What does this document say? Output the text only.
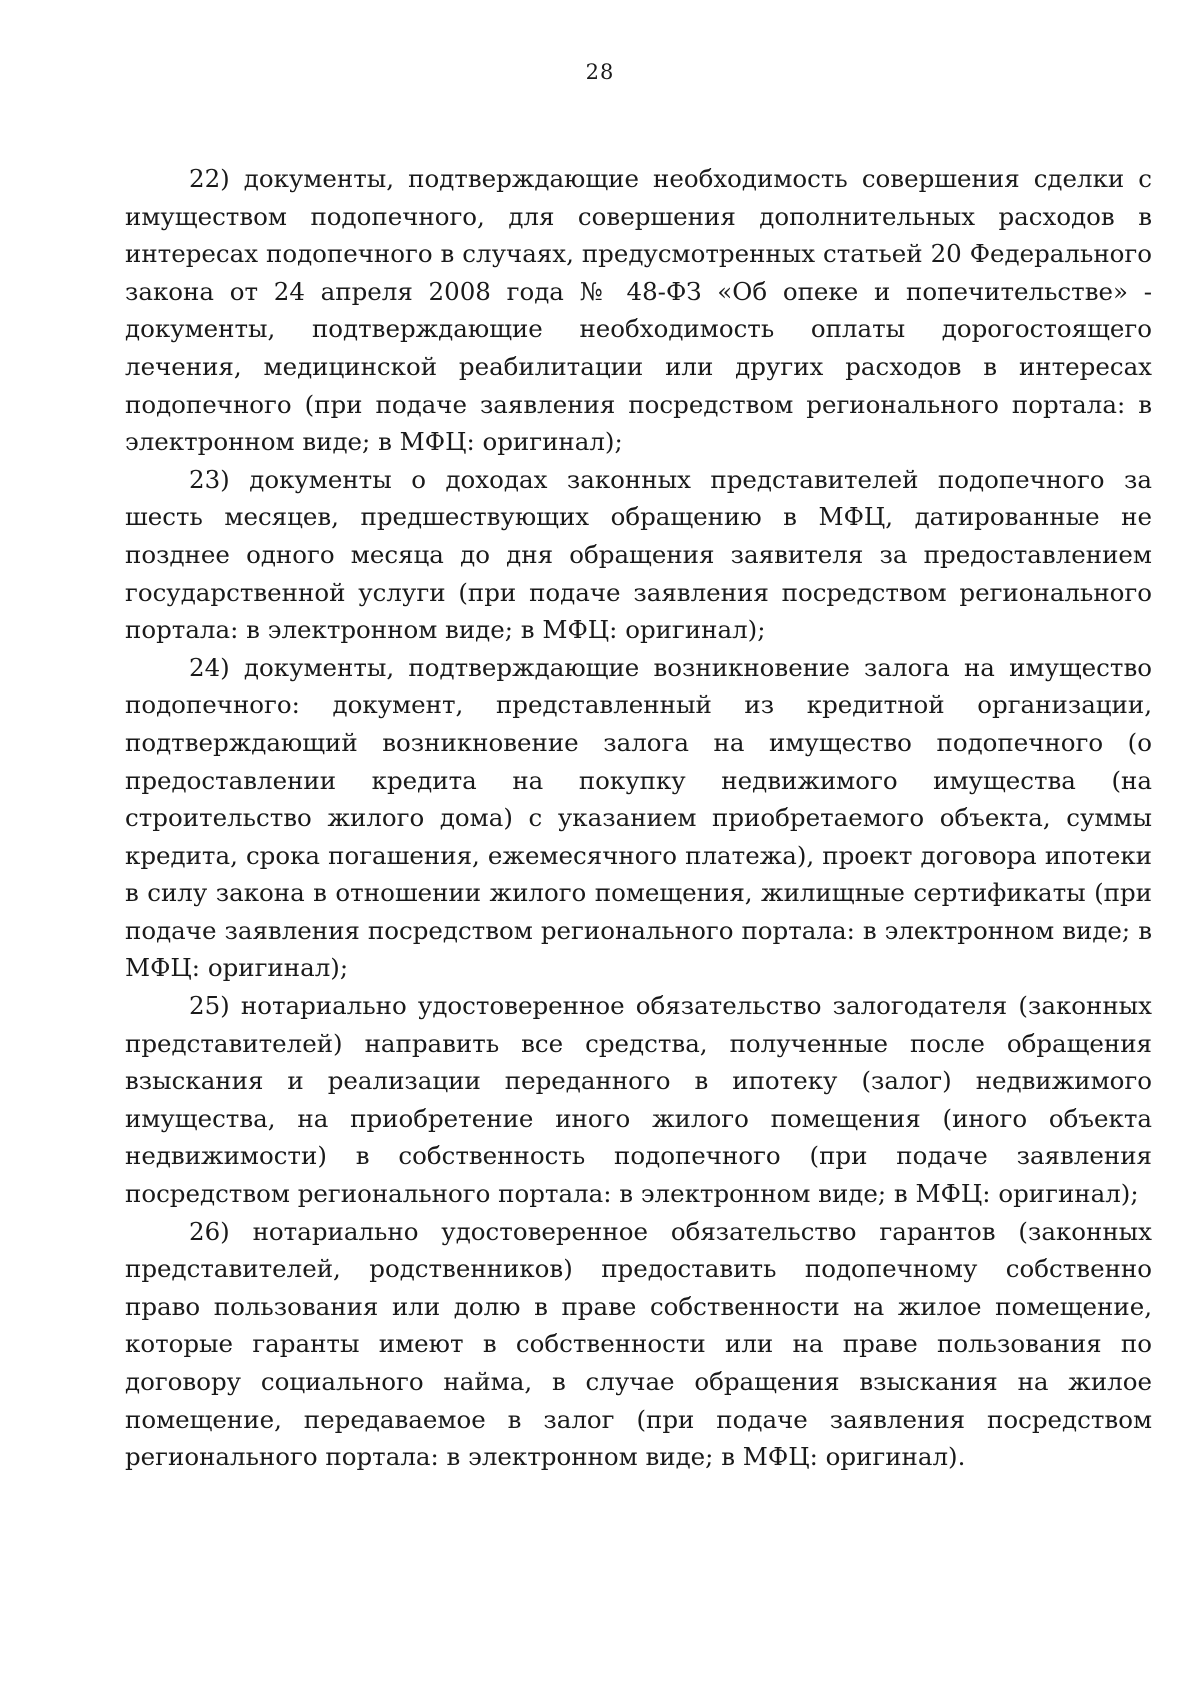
28

22) документы, подтверждающие необходимость совершения сделки с имуществом подопечного, для совершения дополнительных расходов в интересах подопечного в случаях, предусмотренных статьей 20 Федерального закона от 24 апреля 2008 года № 48-ФЗ «Об опеке и попечительстве» - документы, подтверждающие необходимость оплаты дорогостоящего лечения, медицинской реабилитации или других расходов в интересах подопечного (при подаче заявления посредством регионального портала: в электронном виде; в МФЦ: оригинал);

23) документы о доходах законных представителей подопечного за шесть месяцев, предшествующих обращению в МФЦ, датированные не позднее одного месяца до дня обращения заявителя за предоставлением государственной услуги (при подаче заявления посредством регионального портала: в электронном виде; в МФЦ: оригинал);

24) документы, подтверждающие возникновение залога на имущество подопечного: документ, представленный из кредитной организации, подтверждающий возникновение залога на имущество подопечного (о предоставлении кредита на покупку недвижимого имущества (на строительство жилого дома) с указанием приобретаемого объекта, суммы кредита, срока погашения, ежемесячного платежа), проект договора ипотеки в силу закона в отношении жилого помещения, жилищные сертификаты (при подаче заявления посредством регионального портала: в электронном виде; в МФЦ: оригинал);

25) нотариально удостоверенное обязательство залогодателя (законных представителей) направить все средства, полученные после обращения взыскания и реализации переданного в ипотеку (залог) недвижимого имущества, на приобретение иного жилого помещения (иного объекта недвижимости) в собственность подопечного (при подаче заявления посредством регионального портала: в электронном виде; в МФЦ: оригинал);

26) нотариально удостоверенное обязательство гарантов (законных представителей, родственников) предоставить подопечному собственно право пользования или долю в праве собственности на жилое помещение, которые гаранты имеют в собственности или на праве пользования по договору социального найма, в случае обращения взыскания на жилое помещение, передаваемое в залог (при подаче заявления посредством регионального портала: в электронном виде; в МФЦ: оригинал).
